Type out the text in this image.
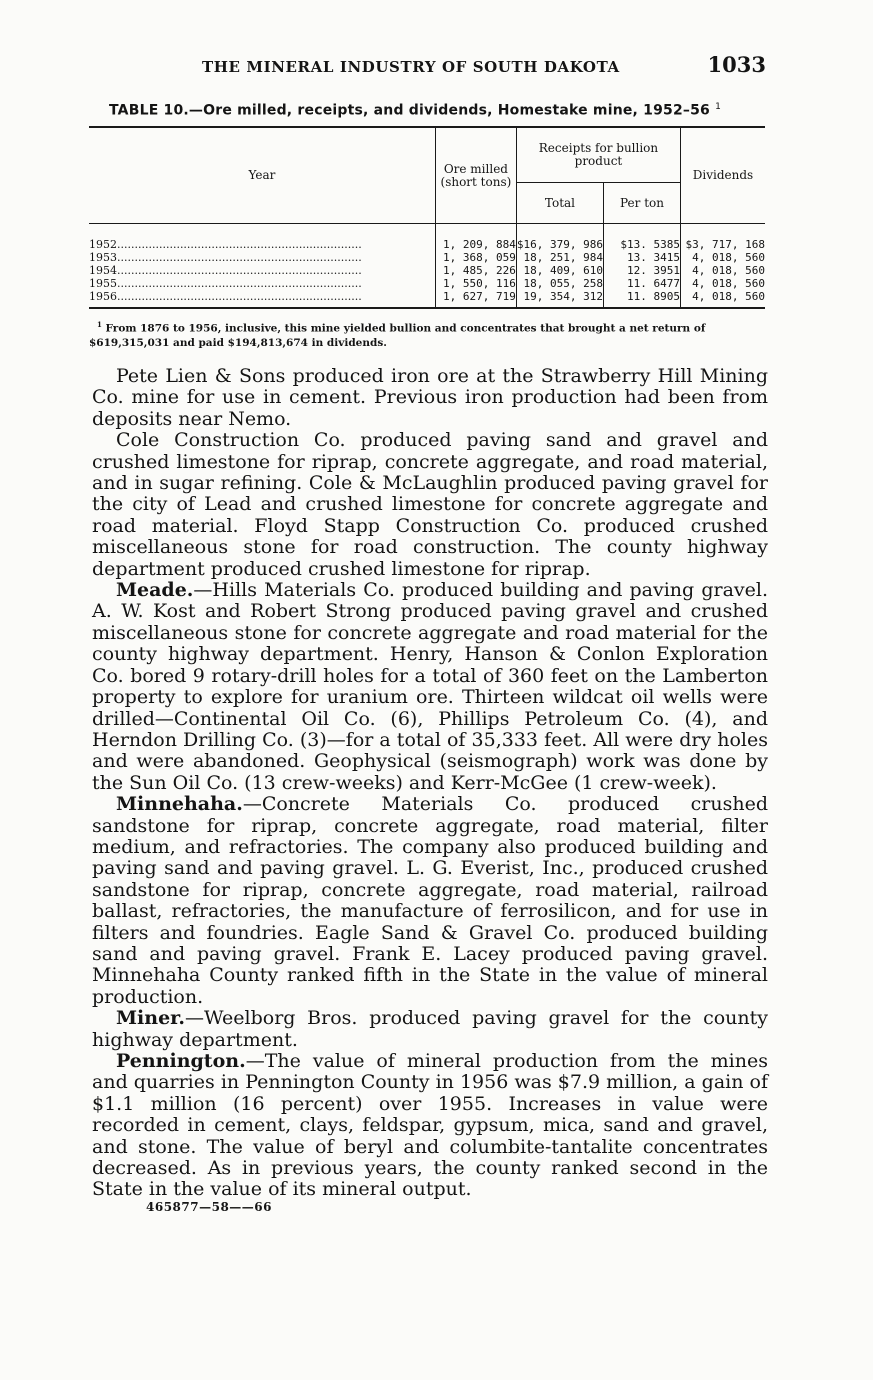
THE MINERAL INDUSTRY OF SOUTH DAKOTA	1033
TABLE 10.—Ore milled, receipts, and dividends, Homestake mine, 1952–56 $^1$
Year	Ore milled (short tons)	Receipts for bullion product		Dividends
		Total	Per ton	
1952......................................................................	1, 209, 884	$16, 379, 986	$13. 5385	$3, 717, 168
1953......................................................................	1, 368, 059	18, 251, 984	13. 3415	4, 018, 560
1954......................................................................	1, 485, 226	18, 409, 610	12. 3951	4, 018, 560
1955......................................................................	1, 550, 116	18, 055, 258	11. 6477	4, 018, 560
1956......................................................................	1, 627, 719	19, 354, 312	11. 8905	4, 018, 560
$^1$ From 1876 to 1956, inclusive, this mine yielded bullion and concentrates that brought a net return of $619,315,031 and paid $194,813,674 in dividends.

Pete Lien & Sons produced iron ore at the Strawberry Hill Mining Co. mine for use in cement. Previous iron production had been from deposits near Nemo.

Cole Construction Co. produced paving sand and gravel and crushed limestone for riprap, concrete aggregate, and road material, and in sugar refining. Cole & McLaughlin produced paving gravel for the city of Lead and crushed limestone for concrete aggregate and road material. Floyd Stapp Construction Co. produced crushed miscellaneous stone for road construction. The county highway department produced crushed limestone for riprap.

Meade.—Hills Materials Co. produced building and paving gravel. A. W. Kost and Robert Strong produced paving gravel and crushed miscellaneous stone for concrete aggregate and road material for the county highway department. Henry, Hanson & Conlon Exploration Co. bored 9 rotary-drill holes for a total of 360 feet on the Lamberton property to explore for uranium ore. Thirteen wildcat oil wells were drilled—Continental Oil Co. (6), Phillips Petroleum Co. (4), and Herndon Drilling Co. (3)—for a total of 35,333 feet. All were dry holes and were abandoned. Geophysical (seismograph) work was done by the Sun Oil Co. (13 crew-weeks) and Kerr-McGee (1 crew-week).

Minnehaha.—Concrete Materials Co. produced crushed sandstone for riprap, concrete aggregate, road material, filter medium, and refractories. The company also produced building and paving sand and paving gravel. L. G. Everist, Inc., produced crushed sandstone for riprap, concrete aggregate, road material, railroad ballast, refractories, the manufacture of ferrosilicon, and for use in filters and foundries. Eagle Sand & Gravel Co. produced building sand and paving gravel. Frank E. Lacey produced paving gravel. Minnehaha County ranked fifth in the State in the value of mineral production.

Miner.—Weelborg Bros. produced paving gravel for the county highway department.

Pennington.—The value of mineral production from the mines and quarries in Pennington County in 1956 was $7.9 million, a gain of $1.1 million (16 percent) over 1955. Increases in value were recorded in cement, clays, feldspar, gypsum, mica, sand and gravel, and stone. The value of beryl and columbite-tantalite concentrates decreased. As in previous years, the county ranked second in the State in the value of its mineral output.

465877—58——66
